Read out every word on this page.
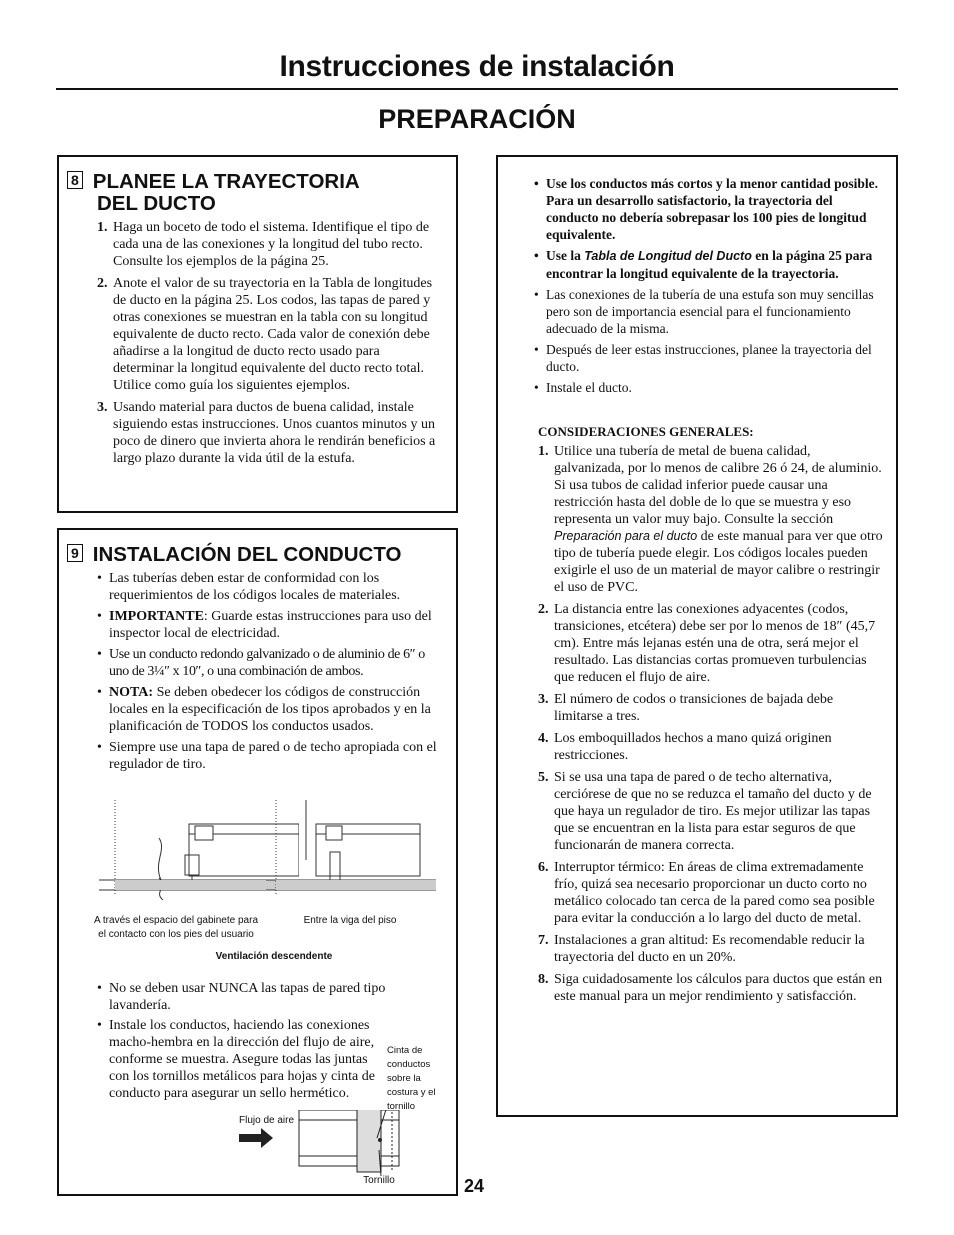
Instrucciones de instalación
PREPARACIÓN
8 PLANEE LA TRAYECTORIA
DEL DUCTO
1. Haga un boceto de todo el sistema. Identifique el tipo de cada una de las conexiones y la longitud del tubo recto. Consulte los ejemplos de la página 25.
2. Anote el valor de su trayectoria en la Tabla de longitudes de ducto en la página 25. Los codos, las tapas de pared y otras conexiones se muestran en la tabla con su longitud equivalente de ducto recto. Cada valor de conexión debe añadirse a la longitud de ducto recto usado para determinar la longitud equivalente del ducto recto total. Utilice como guía los siguientes ejemplos.
3. Usando material para ductos de buena calidad, instale siguiendo estas instrucciones. Unos cuantos minutos y un poco de dinero que invierta ahora le rendirán beneficios a largo plazo durante la vida útil de la estufa.
9 INSTALACIÓN DEL CONDUCTO
• Las tuberías deben estar de conformidad con los requerimientos de los códigos locales de materiales.
• IMPORTANTE: Guarde estas instrucciones para uso del inspector local de electricidad.
• Use un conducto redondo galvanizado o de aluminio de 6″ o uno de 3¼″ x 10″, o una combinación de ambos.
• NOTA: Se deben obedecer los códigos de construcción locales en la especificación de los tipos aprobados y en la planificación de TODOS los conductos usados.
• Siempre use una tapa de pared o de techo apropiada con el regulador de tiro.
A través el espacio del gabinete para
el contacto con los pies del usuario
Entre la viga del piso
Ventilación descendente
• No se deben usar NUNCA las tapas de pared tipo lavandería.
• Instale los conductos, haciendo las conexiones macho-hembra en la dirección del flujo de aire, conforme se muestra. Asegure todas las juntas con los tornillos metálicos para hojas y cinta de conducto para asegurar un sello hermético.
Cinta de conductos sobre la costura y el tornillo
Flujo de aire
Tornillo
• Use los conductos más cortos y la menor cantidad posible. Para un desarrollo satisfactorio, la trayectoria del conducto no debería sobrepasar los 100 pies de longitud equivalente.
• Use la Tabla de Longitud del Ducto en la página 25 para encontrar la longitud equivalente de la trayectoria.
• Las conexiones de la tubería de una estufa son muy sencillas pero son de importancia esencial para el funcionamiento adecuado de la misma.
• Después de leer estas instrucciones, planee la trayectoria del ducto.
• Instale el ducto.
CONSIDERACIONES GENERALES:
1. Utilice una tubería de metal de buena calidad, galvanizada, por lo menos de calibre 26 ó 24, de aluminio. Si usa tubos de calidad inferior puede causar una restricción hasta del doble de lo que se muestra y eso representa un valor muy bajo. Consulte la sección Preparación para el ducto de este manual para ver que otro tipo de tubería puede elegir. Los códigos locales pueden exigirle el uso de un material de mayor calibre o restringir el uso de PVC.
2. La distancia entre las conexiones adyacentes (codos, transiciones, etcétera) debe ser por lo menos de 18″ (45,7 cm). Entre más lejanas estén una de otra, será mejor el resultado. Las distancias cortas promueven turbulencias que reducen el flujo de aire.
3. El número de codos o transiciones de bajada debe limitarse a tres.
4. Los emboquillados hechos a mano quizá originen restricciones.
5. Si se usa una tapa de pared o de techo alternativa, cerciórese de que no se reduzca el tamaño del ducto y de que haya un regulador de tiro. Es mejor utilizar las tapas que se encuentran en la lista para estar seguros de que funcionarán de manera correcta.
6. Interruptor térmico: En áreas de clima extremadamente frío, quizá sea necesario proporcionar un ducto corto no metálico colocado tan cerca de la pared como sea posible para evitar la conducción a lo largo del ducto de metal.
7. Instalaciones a gran altitud: Es recomendable reducir la trayectoria del ducto en un 20%.
8. Siga cuidadosamente los cálculos para ductos que están en este manual para un mejor rendimiento y satisfacción.
24
